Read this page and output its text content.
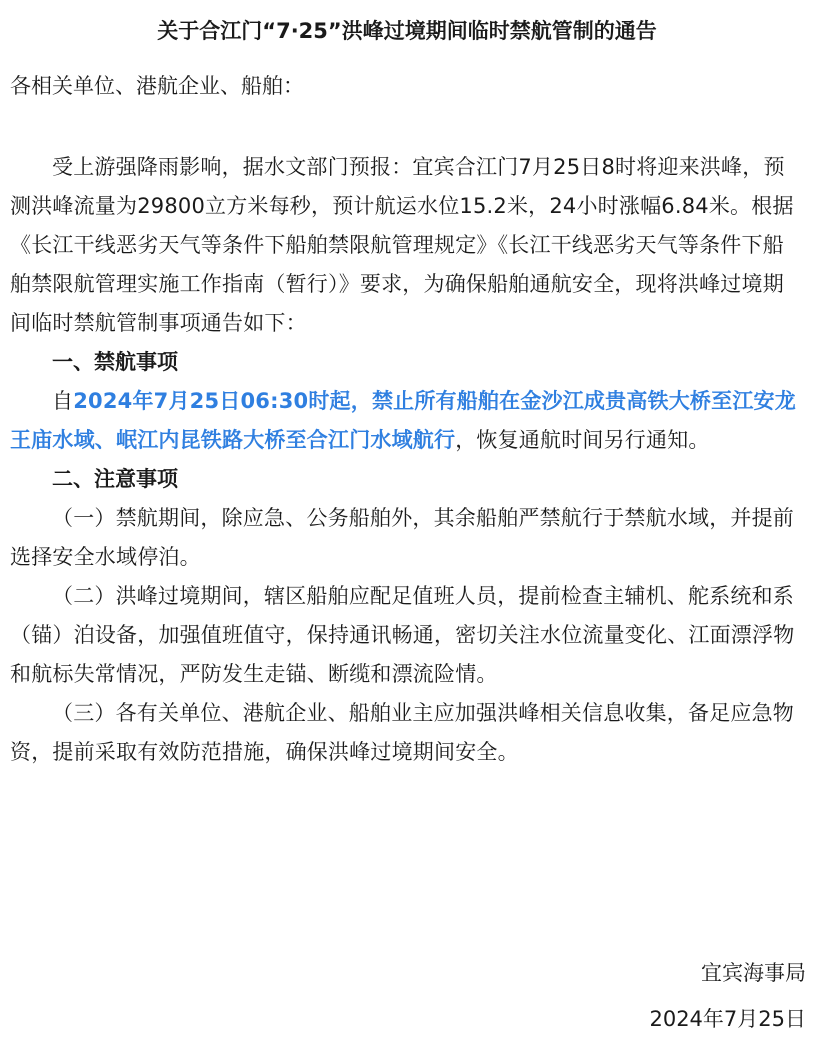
关于合江门“7·25”洪峰过境期间临时禁航管制的通告
各相关单位、港航企业、船舶：

受上游强降雨影响，据水文部门预报：宜宾合江门7月25日8时将迎来洪峰，预测洪峰流量为29800立方米每秒，预计航运水位15.2米，24小时涨幅6.84米。根据《长江干线恶劣天气等条件下船舶禁限航管理规定》《长江干线恶劣天气等条件下船舶禁限航管理实施工作指南（暂行）》要求，为确保船舶通航安全，现将洪峰过境期间临时禁航管制事项通告如下：

一、禁航事项

自2024年7月25日06:30时起，禁止所有船舶在金沙江成贵高铁大桥至江安龙王庙水域、岷江内昆铁路大桥至合江门水域航行，恢复通航时间另行通知。

二、注意事项

（一）禁航期间，除应急、公务船舶外，其余船舶严禁航行于禁航水域，并提前选择安全水域停泊。

（二）洪峰过境期间，辖区船舶应配足值班人员，提前检查主辅机、舵系统和系（锚）泊设备，加强值班值守，保持通讯畅通，密切关注水位流量变化、江面漂浮物和航标失常情况，严防发生走锚、断缆和漂流险情。

（三）各有关单位、港航企业、船舶业主应加强洪峰相关信息收集，备足应急物资，提前采取有效防范措施，确保洪峰过境期间安全。

宜宾海事局
2024年7月25日
